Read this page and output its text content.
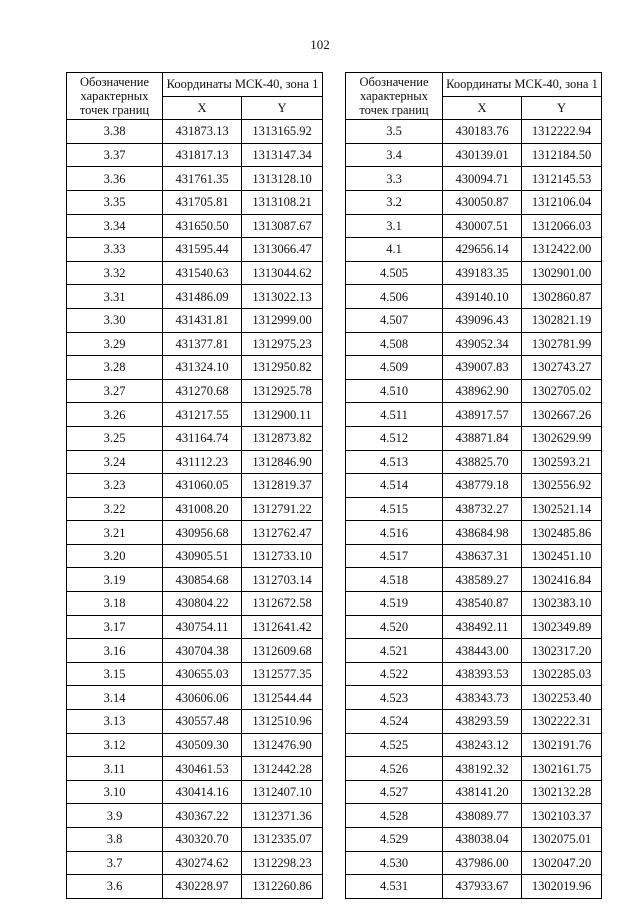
102
Обозначение характерных точек границ	Координаты МСК-40, зона 1	
	X	Y
3.38	431873.13	1313165.92
3.37	431817.13	1313147.34
3.36	431761.35	1313128.10
3.35	431705.81	1313108.21
3.34	431650.50	1313087.67
3.33	431595.44	1313066.47
3.32	431540.63	1313044.62
3.31	431486.09	1313022.13
3.30	431431.81	1312999.00
3.29	431377.81	1312975.23
3.28	431324.10	1312950.82
3.27	431270.68	1312925.78
3.26	431217.55	1312900.11
3.25	431164.74	1312873.82
3.24	431112.23	1312846.90
3.23	431060.05	1312819.37
3.22	431008.20	1312791.22
3.21	430956.68	1312762.47
3.20	430905.51	1312733.10
3.19	430854.68	1312703.14
3.18	430804.22	1312672.58
3.17	430754.11	1312641.42
3.16	430704.38	1312609.68
3.15	430655.03	1312577.35
3.14	430606.06	1312544.44
3.13	430557.48	1312510.96
3.12	430509.30	1312476.90
3.11	430461.53	1312442.28
3.10	430414.16	1312407.10
3.9	430367.22	1312371.36
3.8	430320.70	1312335.07
3.7	430274.62	1312298.23
3.6	430228.97	1312260.86
Обозначение характерных точек границ	Координаты МСК-40, зона 1	
	X	Y
3.5	430183.76	1312222.94
3.4	430139.01	1312184.50
3.3	430094.71	1312145.53
3.2	430050.87	1312106.04
3.1	430007.51	1312066.03
4.1	429656.14	1312422.00
4.505	439183.35	1302901.00
4.506	439140.10	1302860.87
4.507	439096.43	1302821.19
4.508	439052.34	1302781.99
4.509	439007.83	1302743.27
4.510	438962.90	1302705.02
4.511	438917.57	1302667.26
4.512	438871.84	1302629.99
4.513	438825.70	1302593.21
4.514	438779.18	1302556.92
4.515	438732.27	1302521.14
4.516	438684.98	1302485.86
4.517	438637.31	1302451.10
4.518	438589.27	1302416.84
4.519	438540.87	1302383.10
4.520	438492.11	1302349.89
4.521	438443.00	1302317.20
4.522	438393.53	1302285.03
4.523	438343.73	1302253.40
4.524	438293.59	1302222.31
4.525	438243.12	1302191.76
4.526	438192.32	1302161.75
4.527	438141.20	1302132.28
4.528	438089.77	1302103.37
4.529	438038.04	1302075.01
4.530	437986.00	1302047.20
4.531	437933.67	1302019.96
